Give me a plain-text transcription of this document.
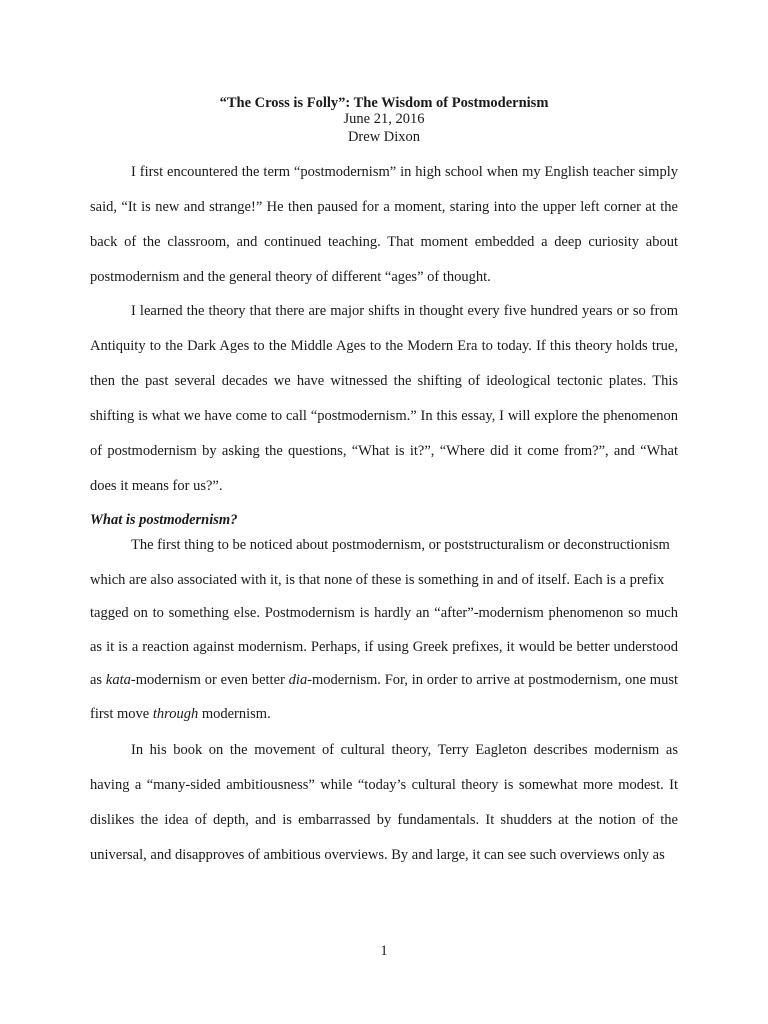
“The Cross is Folly”: The Wisdom of Postmodernism
June 21, 2016
Drew Dixon

I first encountered the term “postmodernism” in high school when my English teacher simply said, “It is new and strange!” He then paused for a moment, staring into the upper left corner at the back of the classroom, and continued teaching. That moment embedded a deep curiosity about postmodernism and the general theory of different “ages” of thought.

I learned the theory that there are major shifts in thought every five hundred years or so from Antiquity to the Dark Ages to the Middle Ages to the Modern Era to today. If this theory holds true, then the past several decades we have witnessed the shifting of ideological tectonic plates. This shifting is what we have come to call “postmodernism.” In this essay, I will explore the phenomenon of postmodernism by asking the questions, “What is it?”, “Where did it come from?”, and “What does it means for us?”.

What is postmodernism?

The first thing to be noticed about postmodernism, or poststructuralism or deconstructionism
which are also associated with it, is that none of these is something in and of itself. Each is a prefix

tagged on to something else. Postmodernism is hardly an “after”-modernism phenomenon so much as it is a reaction against modernism. Perhaps, if using Greek prefixes, it would be better understood as kata-modernism or even better dia-modernism. For, in order to arrive at postmodernism, one must first move through modernism.

In his book on the movement of cultural theory, Terry Eagleton describes modernism as having a “many-sided ambitiousness” while “today’s cultural theory is somewhat more modest. It dislikes the idea of depth, and is embarrassed by fundamentals. It shudders at the notion of the universal, and disapproves of ambitious overviews. By and large, it can see such overviews only as

1
